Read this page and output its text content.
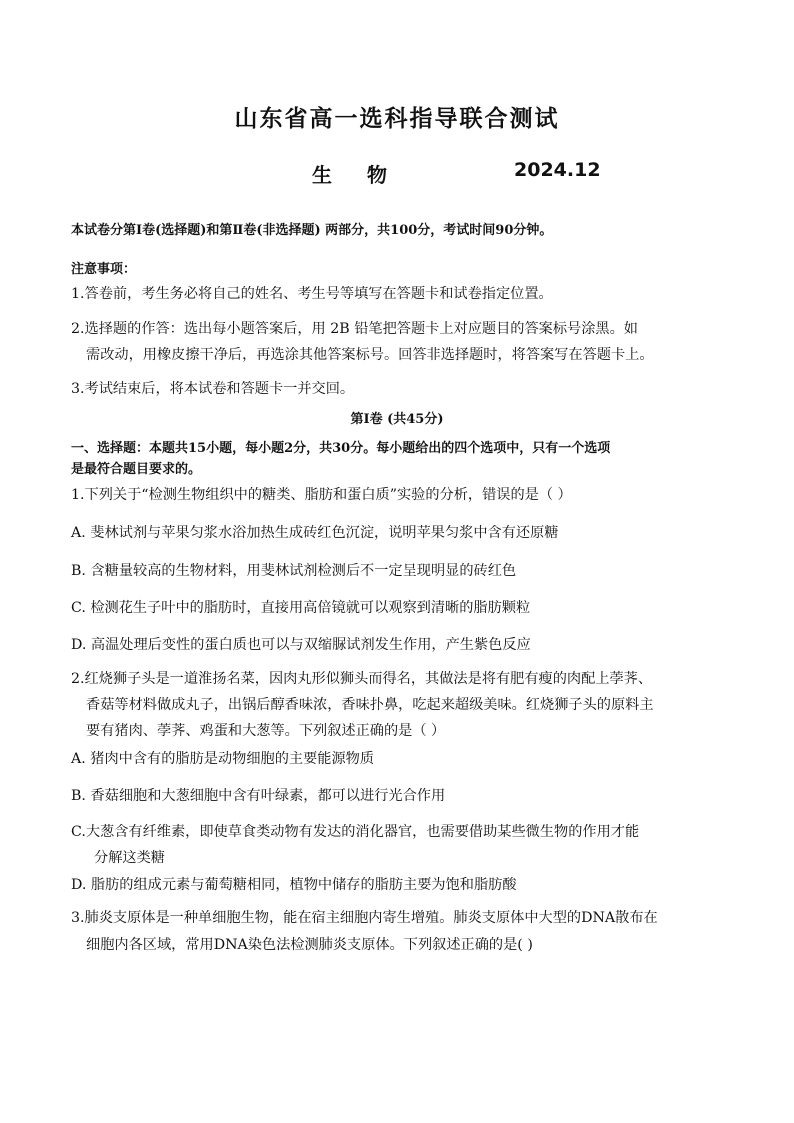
山东省高一选科指导联合测试
生 物	2024.12
本试卷分第Ⅰ卷(选择题)和第Ⅱ卷(非选择题) 两部分，共100分，考试时间90分钟。
注意事项：
1.答卷前，考生务必将自己的姓名、考生号等填写在答题卡和试卷指定位置。
2.选择题的作答：选出每小题答案后，用 2B 铅笔把答题卡上对应题目的答案标号涂黑。如
需改动，用橡皮擦干净后，再选涂其他答案标号。回答非选择题时，将答案写在答题卡上。
3.考试结束后，将本试卷和答题卡一并交回。
第Ⅰ卷 (共45分)
一、选择题：本题共15小题，每小题2分，共30分。每小题给出的四个选项中，只有一个选项
是最符合题目要求的。
1.下列关于“检测生物组织中的糖类、脂肪和蛋白质”实验的分析，错误的是（ ）
A. 斐林试剂与苹果匀浆水浴加热生成砖红色沉淀，说明苹果匀浆中含有还原糖
B. 含糖量较高的生物材料，用斐林试剂检测后不一定呈现明显的砖红色
C. 检测花生子叶中的脂肪时，直接用高倍镜就可以观察到清晰的脂肪颗粒
D. 高温处理后变性的蛋白质也可以与双缩脲试剂发生作用，产生紫色反应
2.红烧狮子头是一道淮扬名菜，因肉丸形似狮头而得名，其做法是将有肥有瘦的肉配上荸荠、
香菇等材料做成丸子，出锅后醇香味浓，香味扑鼻，吃起来超级美味。红烧狮子头的原料主
要有猪肉、荸荠、鸡蛋和大葱等。下列叙述正确的是（ ）
A. 猪肉中含有的脂肪是动物细胞的主要能源物质
B. 香菇细胞和大葱细胞中含有叶绿素，都可以进行光合作用
C.大葱含有纤维素，即使草食类动物有发达的消化器官，也需要借助某些微生物的作用才能
分解这类糖
D. 脂肪的组成元素与葡萄糖相同，植物中储存的脂肪主要为饱和脂肪酸
3.肺炎支原体是一种单细胞生物，能在宿主细胞内寄生增殖。肺炎支原体中大型的DNA散布在
细胞内各区域，常用DNA染色法检测肺炎支原体。下列叙述正确的是( )
